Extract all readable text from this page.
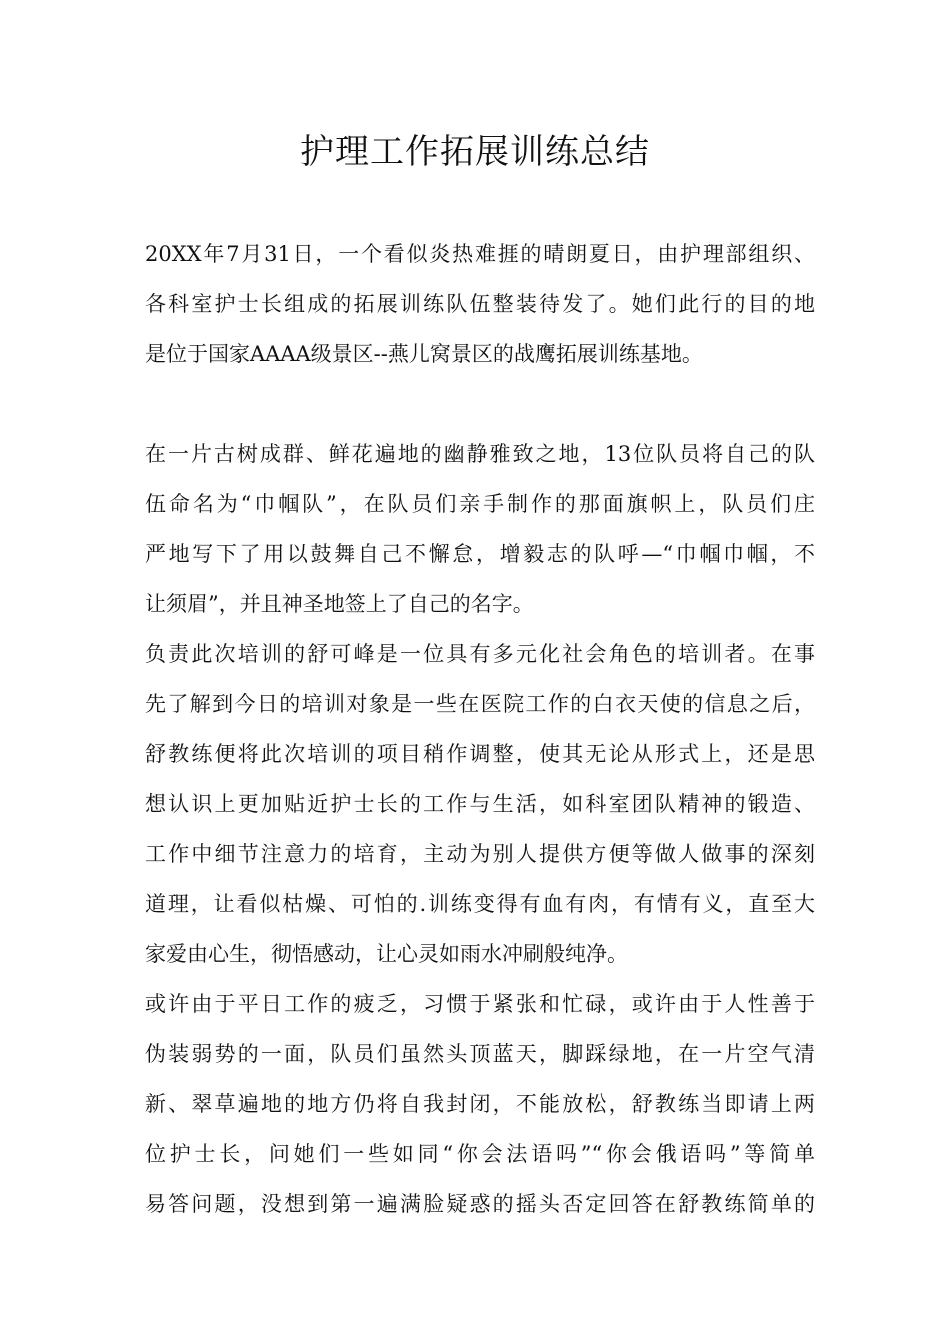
护理工作拓展训练总结
20XX年7月31日，一个看似炎热难捱的晴朗夏日，由护理部组织、
各科室护士长组成的拓展训练队伍整装待发了。她们此行的目的地
是位于国家AAAA级景区--燕儿窝景区的战鹰拓展训练基地。
在一片古树成群、鲜花遍地的幽静雅致之地，13位队员将自己的队
伍命名为“巾帼队”，在队员们亲手制作的那面旗帜上，队员们庄
严地写下了用以鼓舞自己不懈怠，增毅志的队呼—“巾帼巾帼，不
让须眉”，并且神圣地签上了自己的名字。
负责此次培训的舒可峰是一位具有多元化社会角色的培训者。在事
先了解到今日的培训对象是一些在医院工作的白衣天使的信息之后，
舒教练便将此次培训的项目稍作调整，使其无论从形式上，还是思
想认识上更加贴近护士长的工作与生活，如科室团队精神的锻造、
工作中细节注意力的培育，主动为别人提供方便等做人做事的深刻
道理，让看似枯燥、可怕的.训练变得有血有肉，有情有义，直至大
家爱由心生，彻悟感动，让心灵如雨水冲刷般纯净。
或许由于平日工作的疲乏，习惯于紧张和忙碌，或许由于人性善于
伪装弱势的一面，队员们虽然头顶蓝天，脚踩绿地，在一片空气清
新、翠草遍地的地方仍将自我封闭，不能放松，舒教练当即请上两
位护士长，问她们一些如同“你会法语吗”“你会俄语吗”等简单
易答问题，没想到第一遍满脸疑惑的摇头否定回答在舒教练简单的
